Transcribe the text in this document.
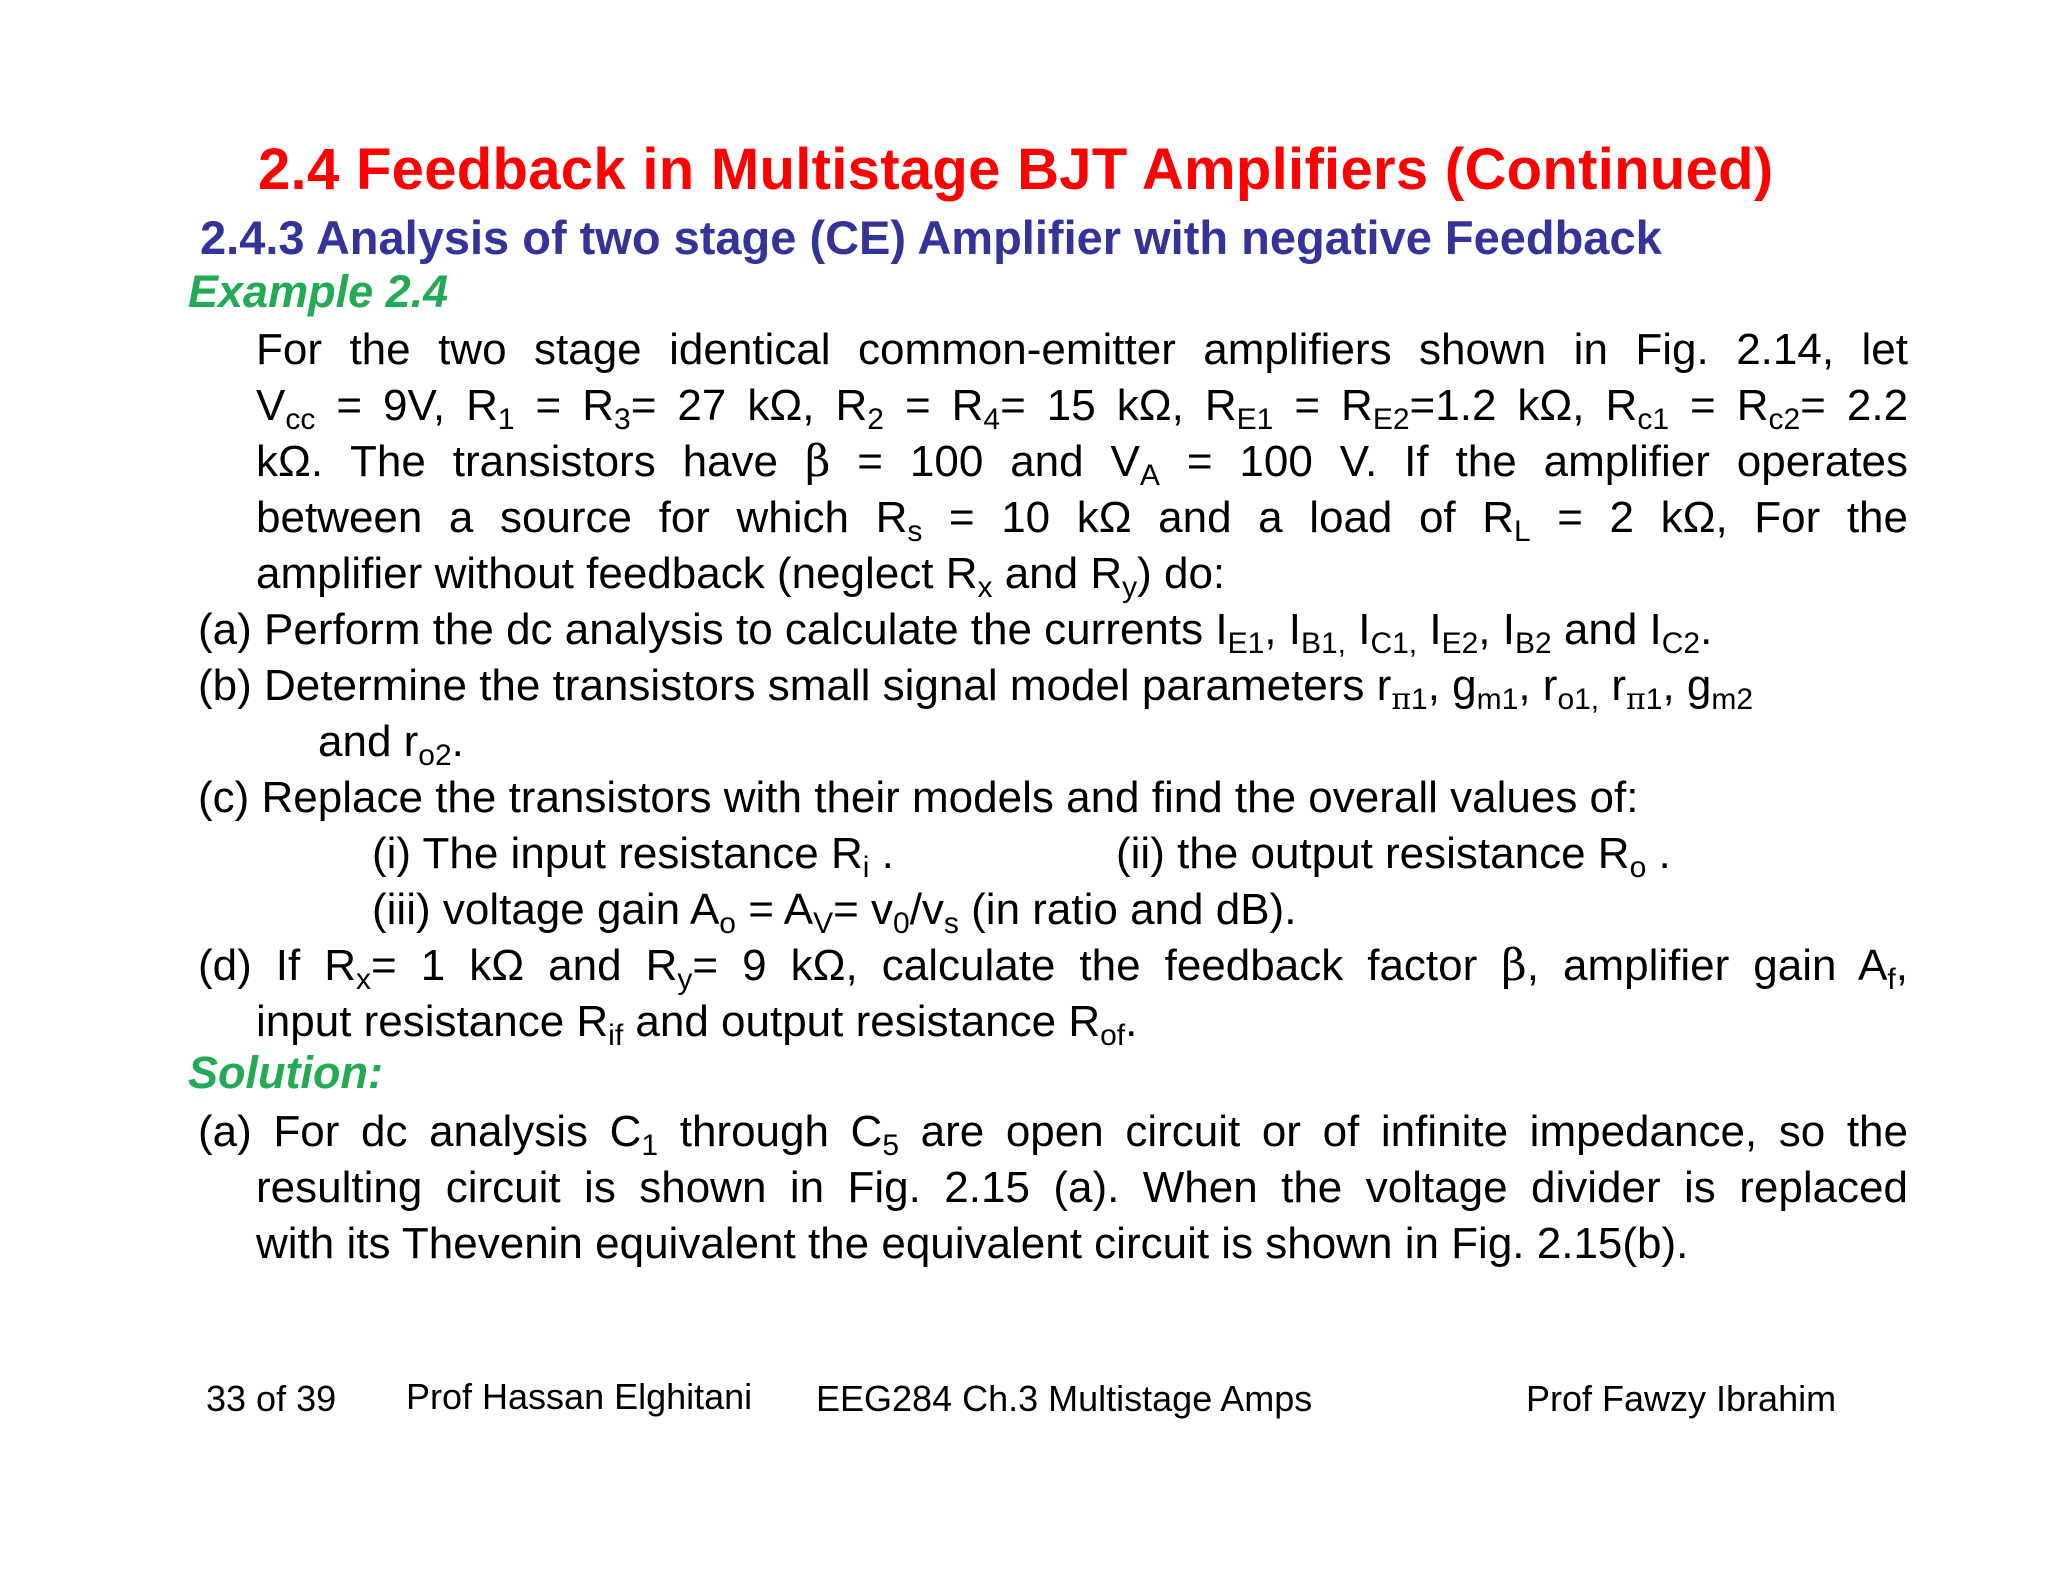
2.4 Feedback in Multistage BJT Amplifiers (Continued)
2.4.3 Analysis of two stage (CE) Amplifier with negative Feedback
Example 2.4
For the two stage identical common-emitter amplifiers shown in Fig. 2.14, let
$V_{cc} = 9V$, $R_1 = R_3= 27$ kΩ, $R_2 = R_4= 15$ kΩ, $R_{E1} = R_{E2}=1.2$ kΩ, $R_{c1} = R_{c2}= 2.2$
kΩ. The transistors have β = 100 and $V_A = 100$ V. If the amplifier operates
between a source for which $R_s = 10$ kΩ and a load of $R_L = 2$ kΩ, For the
amplifier without feedback (neglect $R_x$ and $R_y$) do:
(a) Perform the dc analysis to calculate the currents $I_{E1}$, $I_{B1,}$ $I_{C1,}$ $I_{E2}$, $I_{B2}$ and $I_{C2}$.
(b) Determine the transistors small signal model parameters $r_{\pi 1}$, $g_{m1}$, $r_{o1,}$ $r_{\pi 1}$, $g_{m2}$
and $r_{o2}$.
(c) Replace the transistors with their models and find the overall values of:
(i) The input resistance $R_i$ .	(ii) the output resistance $R_o$ .
(iii) voltage gain $A_o = A_V= v_0/v_s$ (in ratio and dB).
(d) If $R_x= 1$ kΩ and $R_y= 9$ kΩ, calculate the feedback factor β, amplifier gain $A_f$,
input resistance $R_{if}$ and output resistance $R_{of}$.
Solution:
(a) For dc analysis $C_1$ through $C_5$ are open circuit or of infinite impedance, so the
resulting circuit is shown in Fig. 2.15 (a). When the voltage divider is replaced
with its Thevenin equivalent the equivalent circuit is shown in Fig. 2.15(b).
33 of 39 Prof Hassan Elghitani EEG284 Ch.3 Multistage Amps	Prof Fawzy Ibrahim
